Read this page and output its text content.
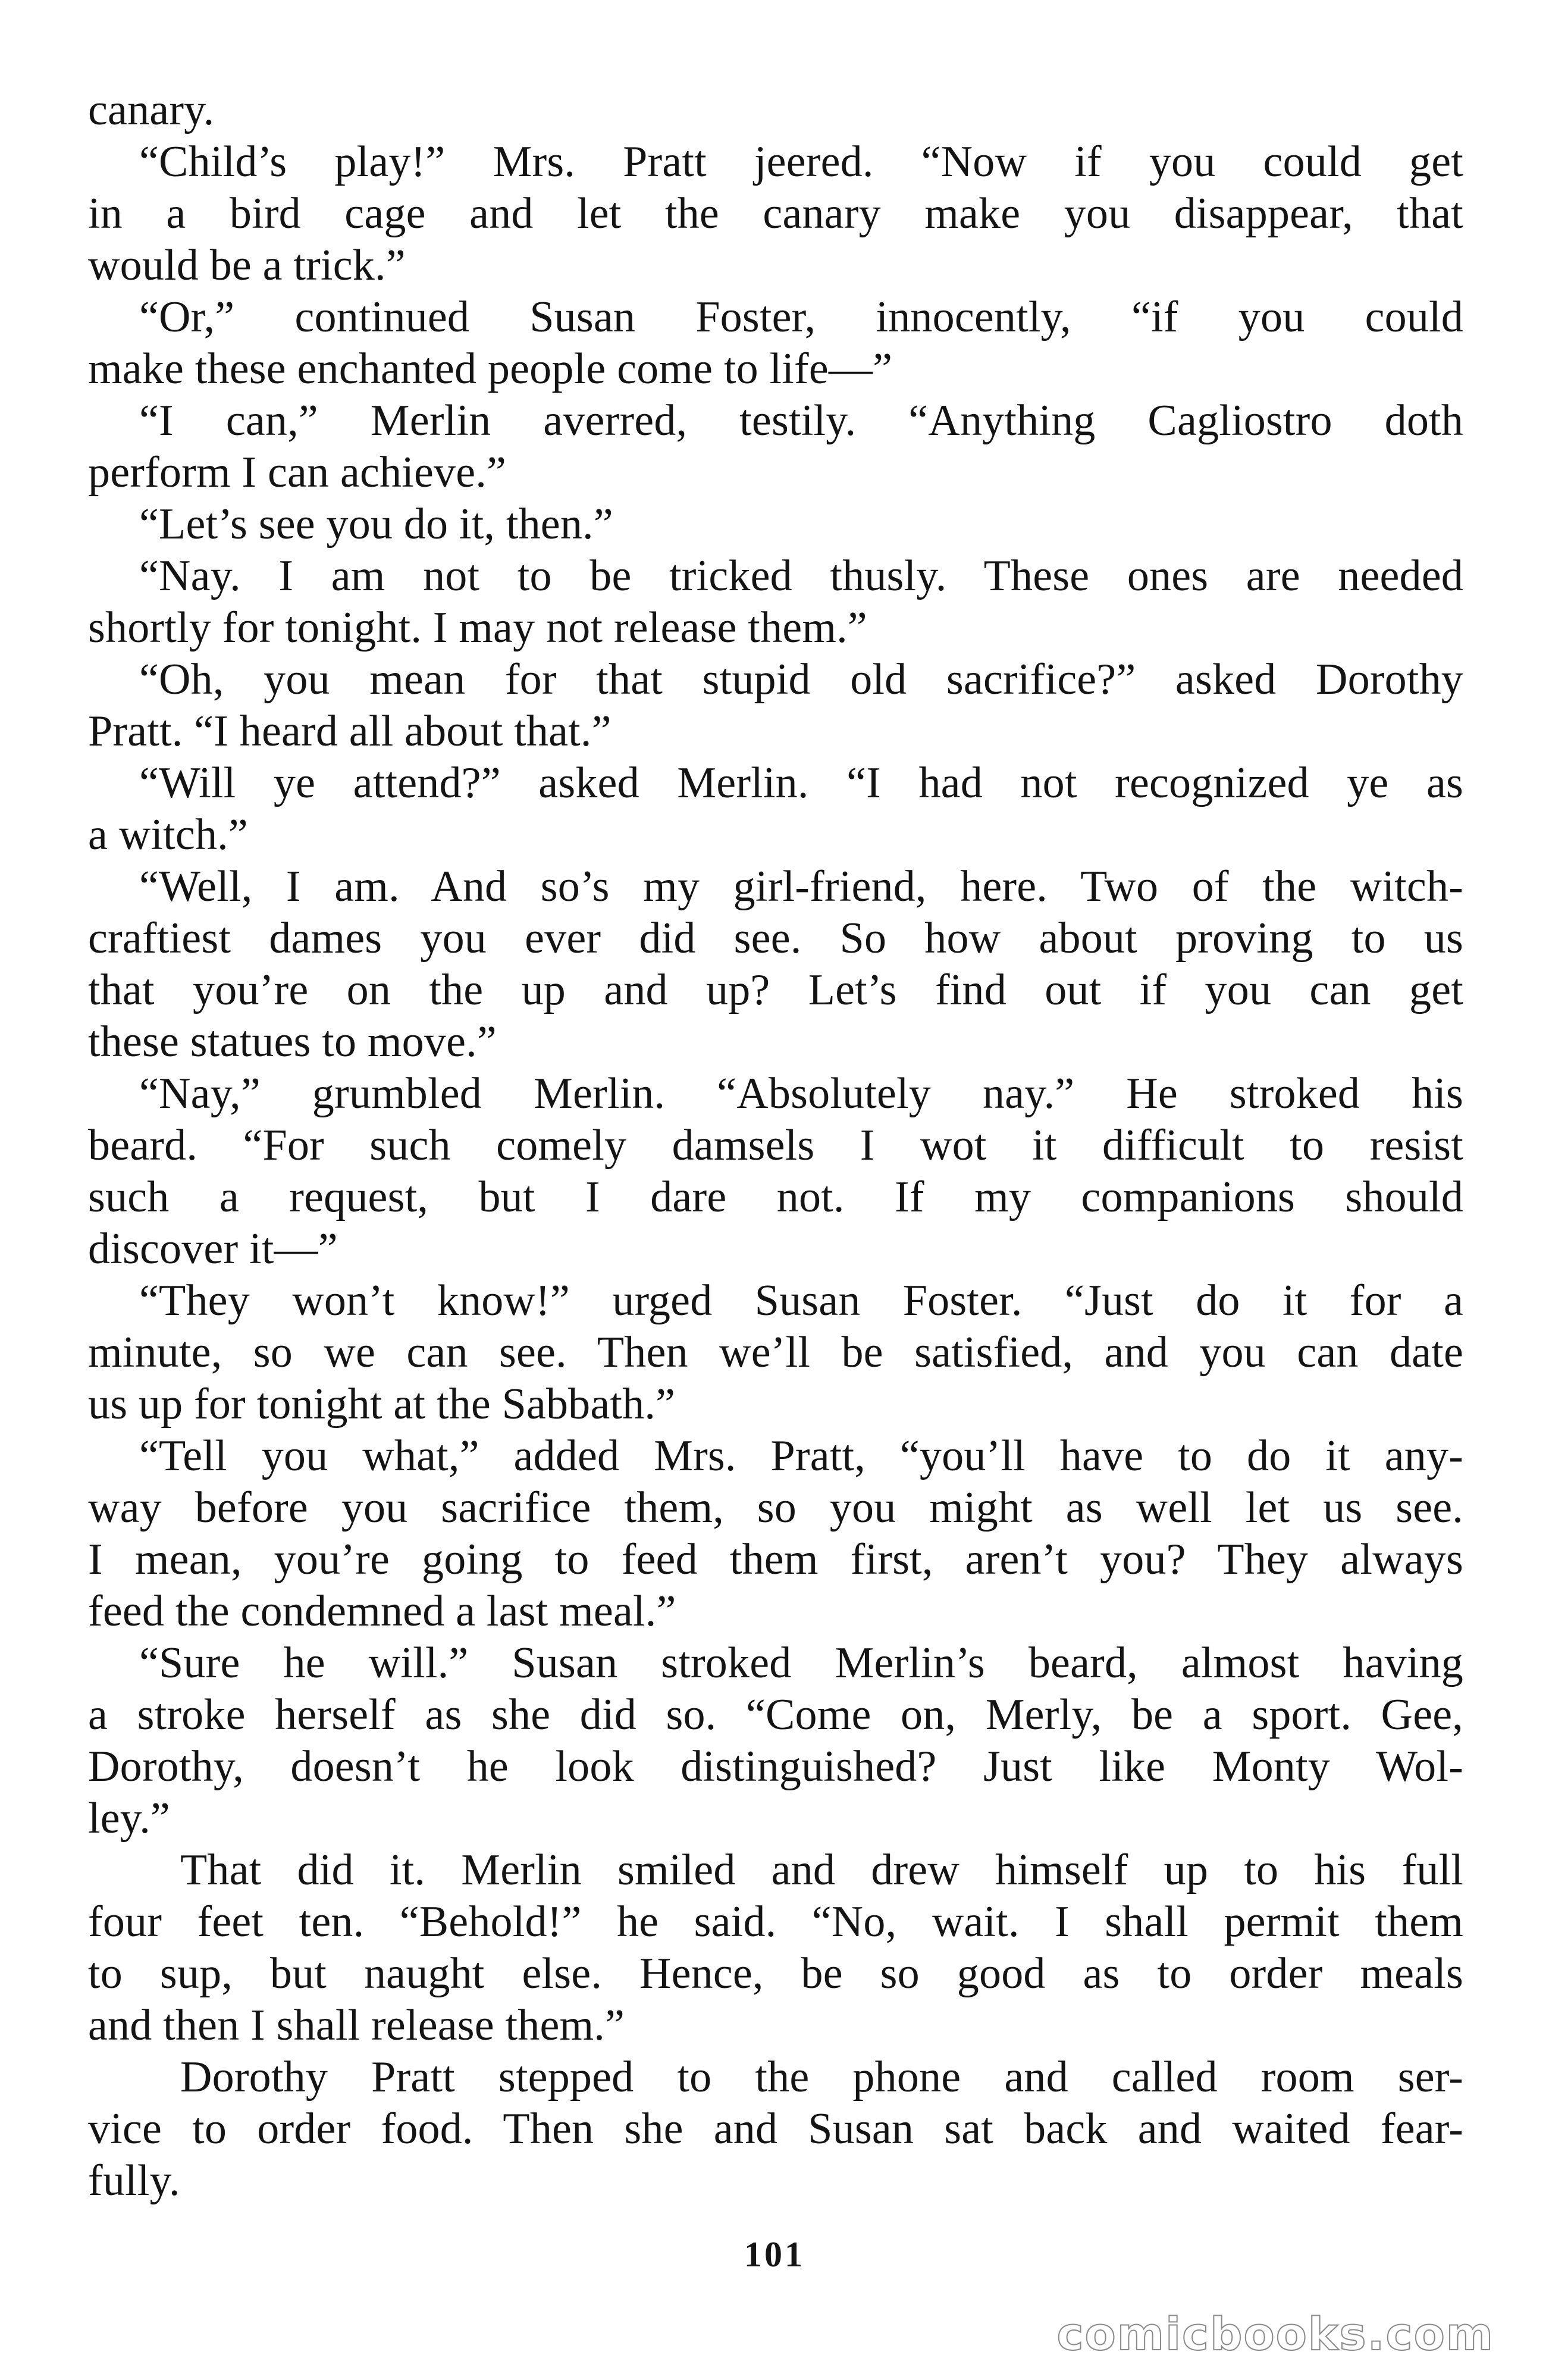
canary.
“Child’s play!” Mrs. Pratt jeered. “Now if you could get
in a bird cage and let the canary make you disappear, that
would be a trick.”
“Or,” continued Susan Foster, innocently, “if you could
make these enchanted people come to life—”
“I can,” Merlin averred, testily. “Anything Cagliostro doth
perform I can achieve.”
“Let’s see you do it, then.”
“Nay. I am not to be tricked thusly. These ones are needed
shortly for tonight. I may not release them.”
“Oh, you mean for that stupid old sacrifice?” asked Dorothy
Pratt. “I heard all about that.”
“Will ye attend?” asked Merlin. “I had not recognized ye as
a witch.”
“Well, I am. And so’s my girl-friend, here. Two of the witch-
craftiest dames you ever did see. So how about proving to us
that you’re on the up and up? Let’s find out if you can get
these statues to move.”
“Nay,” grumbled Merlin. “Absolutely nay.” He stroked his
beard. “For such comely damsels I wot it difficult to resist
such a request, but I dare not. If my companions should
discover it—”
“They won’t know!” urged Susan Foster. “Just do it for a
minute, so we can see. Then we’ll be satisfied, and you can date
us up for tonight at the Sabbath.”
“Tell you what,” added Mrs. Pratt, “you’ll have to do it any-
way before you sacrifice them, so you might as well let us see.
I mean, you’re going to feed them first, aren’t you? They always
feed the condemned a last meal.”
“Sure he will.” Susan stroked Merlin’s beard, almost having
a stroke herself as she did so. “Come on, Merly, be a sport. Gee,
Dorothy, doesn’t he look distinguished? Just like Monty Wol-
ley.”
That did it. Merlin smiled and drew himself up to his full
four feet ten. “Behold!” he said. “No, wait. I shall permit them
to sup, but naught else. Hence, be so good as to order meals
and then I shall release them.”
Dorothy Pratt stepped to the phone and called room ser-
vice to order food. Then she and Susan sat back and waited fear-
fully.
101
comicbooks.com
